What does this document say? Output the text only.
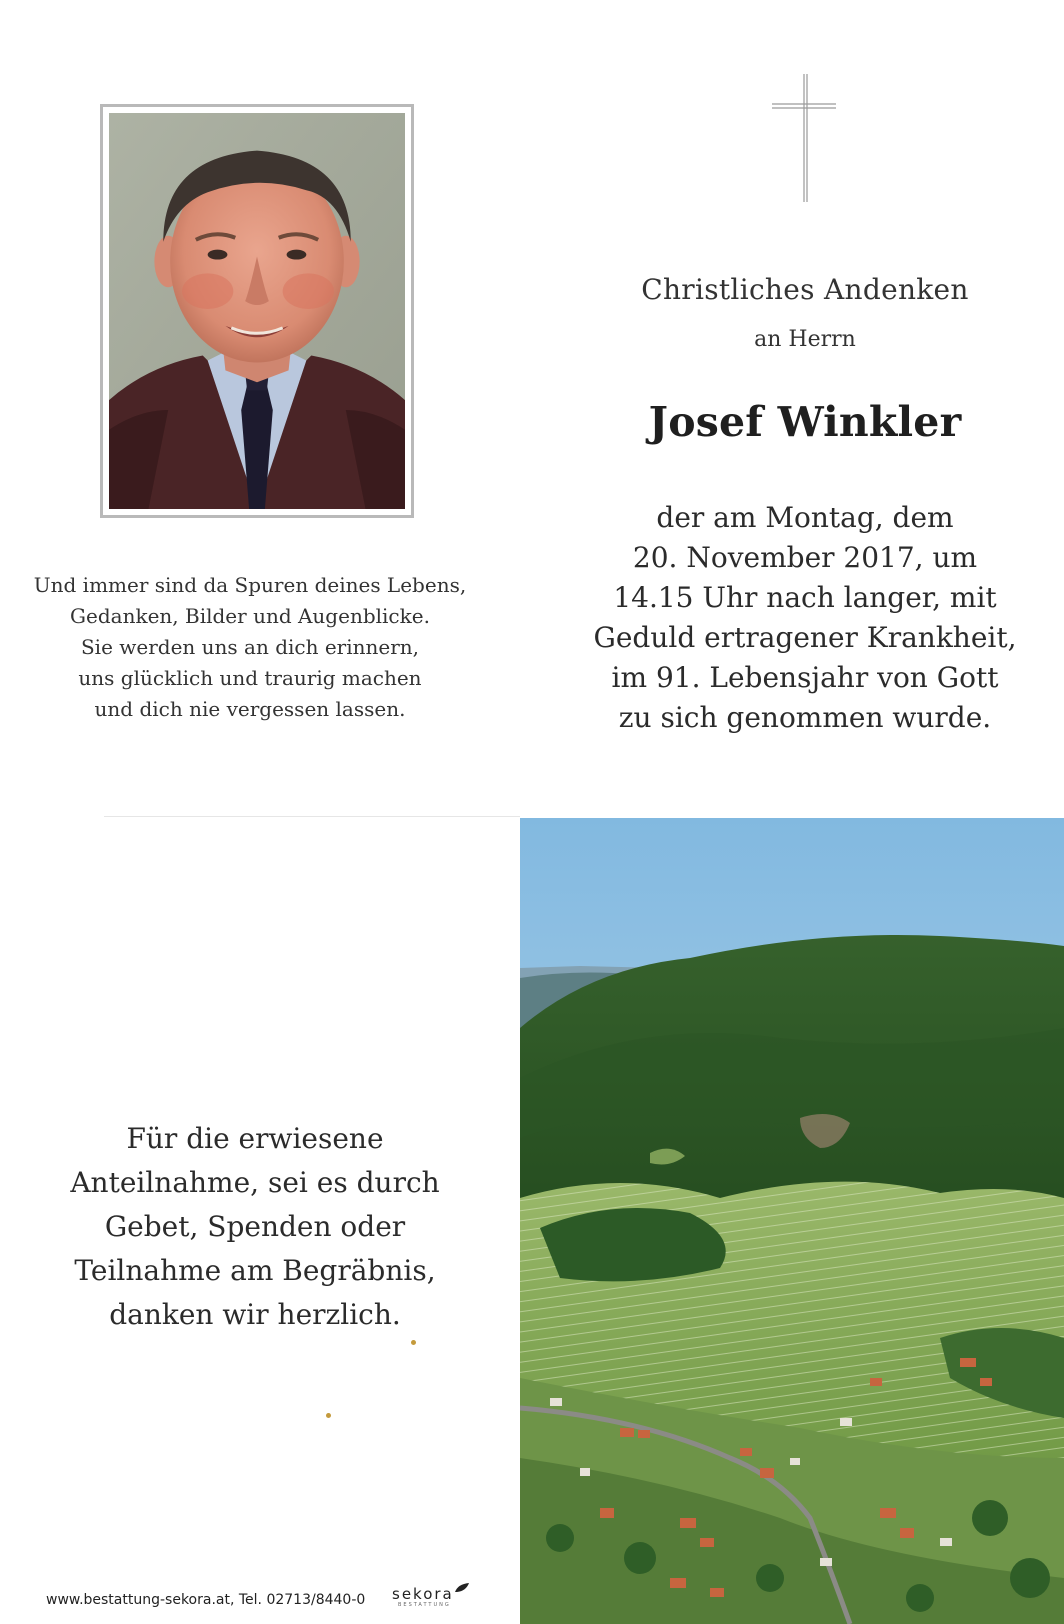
Und immer sind da Spuren deines Lebens,
Gedanken, Bilder und Augenblicke.
Sie werden uns an dich erinnern,
uns glücklich und traurig machen
und dich nie vergessen lassen.
Christliches Andenken
an Herrn
Josef Winkler
der am Montag, dem
20. November 2017, um
14.15 Uhr nach langer, mit
Geduld ertragener Krankheit,
im 91. Lebensjahr von Gott
zu sich genommen wurde.
Für die erwiesene
Anteilnahme, sei es durch
Gebet, Spenden oder
Teilnahme am Begräbnis,
danken wir herzlich.
www.bestattung-sekora.at, Tel. 02713/8440-0 sekora
BESTATTUNG
